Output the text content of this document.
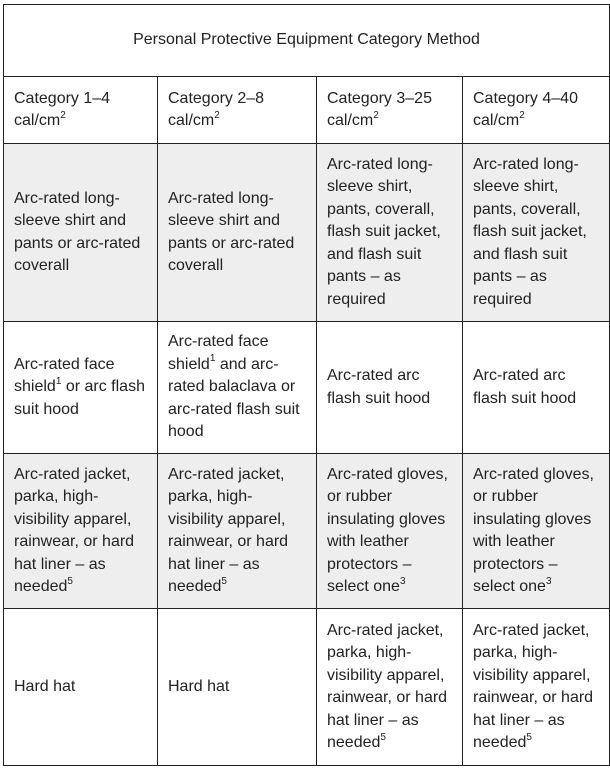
Personal Protective Equipment Category Method			
Category 1–4 cal/$cm^2$	Category 2–8 cal/$cm^2$	Category 3–25 cal/$cm^2$	Category 4–40 cal/$cm^2$
Arc-rated long-sleeve shirt and pants or arc-rated coverall	Arc-rated long-sleeve shirt and pants or arc-rated coverall	Arc-rated long-sleeve shirt, pants, coverall, flash suit jacket, and flash suit pants – as required	Arc-rated long-sleeve shirt, pants, coverall, flash suit jacket, and flash suit pants – as required
Arc-rated face shield$^1$ or arc flash suit hood	Arc-rated face shield$^1$ and arc-rated balaclava or arc-rated flash suit hood	Arc-rated arc flash suit hood	Arc-rated arc flash suit hood
Arc-rated jacket, parka, high-visibility apparel, rainwear, or hard hat liner – as needed$^5$	Arc-rated jacket, parka, high-visibility apparel, rainwear, or hard hat liner – as needed$^5$	Arc-rated gloves, or rubber insulating gloves with leather protectors – select one$^3$	Arc-rated gloves, or rubber insulating gloves with leather protectors – select one$^3$
Hard hat	Hard hat	Arc-rated jacket, parka, high-visibility apparel, rainwear, or hard hat liner – as needed$^5$	Arc-rated jacket, parka, high-visibility apparel, rainwear, or hard hat liner – as needed$^5$
